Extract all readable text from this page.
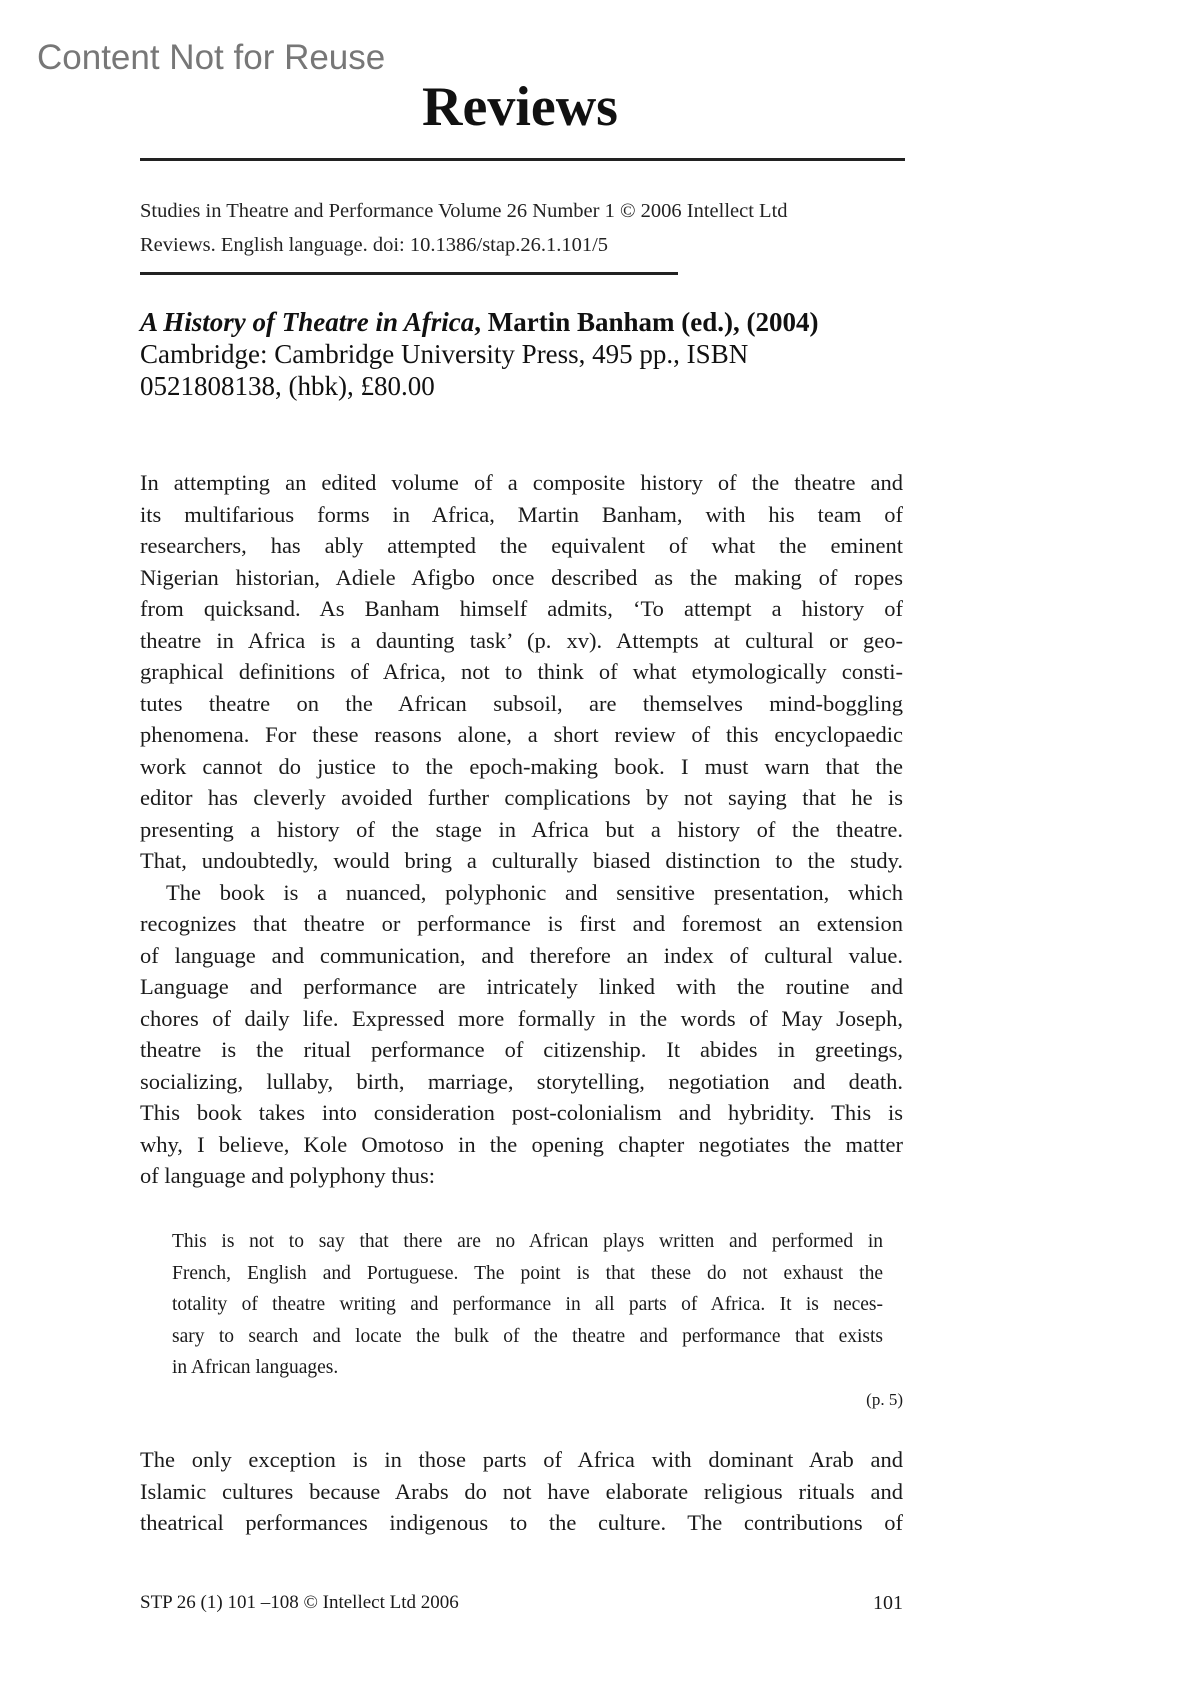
Content Not for Reuse
Reviews
Studies in Theatre and Performance Volume 26 Number 1 © 2006 Intellect Ltd
Reviews. English language. doi: 10.1386/stap.26.1.101/5
A History of Theatre in Africa, Martin Banham (ed.), (2004)
Cambridge: Cambridge University Press, 495 pp., ISBN
0521808138, (hbk), £80.00
In attempting an edited volume of a composite history of the theatre and
its multifarious forms in Africa, Martin Banham, with his team of
researchers, has ably attempted the equivalent of what the eminent
Nigerian historian, Adiele Afigbo once described as the making of ropes
from quicksand. As Banham himself admits, ‘To attempt a history of
theatre in Africa is a daunting task’ (p. xv). Attempts at cultural or geo-
graphical definitions of Africa, not to think of what etymologically consti-
tutes theatre on the African subsoil, are themselves mind-boggling
phenomena. For these reasons alone, a short review of this encyclopaedic
work cannot do justice to the epoch-making book. I must warn that the
editor has cleverly avoided further complications by not saying that he is
presenting a history of the stage in Africa but a history of the theatre.
That, undoubtedly, would bring a culturally biased distinction to the study.
The book is a nuanced, polyphonic and sensitive presentation, which
recognizes that theatre or performance is first and foremost an extension
of language and communication, and therefore an index of cultural value.
Language and performance are intricately linked with the routine and
chores of daily life. Expressed more formally in the words of May Joseph,
theatre is the ritual performance of citizenship. It abides in greetings,
socializing, lullaby, birth, marriage, storytelling, negotiation and death.
This book takes into consideration post-colonialism and hybridity. This is
why, I believe, Kole Omotoso in the opening chapter negotiates the matter
of language and polyphony thus:
This is not to say that there are no African plays written and performed in
French, English and Portuguese. The point is that these do not exhaust the
totality of theatre writing and performance in all parts of Africa. It is neces-
sary to search and locate the bulk of the theatre and performance that exists
in African languages.
(p. 5)
The only exception is in those parts of Africa with dominant Arab and
Islamic cultures because Arabs do not have elaborate religious rituals and
theatrical performances indigenous to the culture. The contributions of
STP 26 (1) 101 –108 © Intellect Ltd 2006	101
